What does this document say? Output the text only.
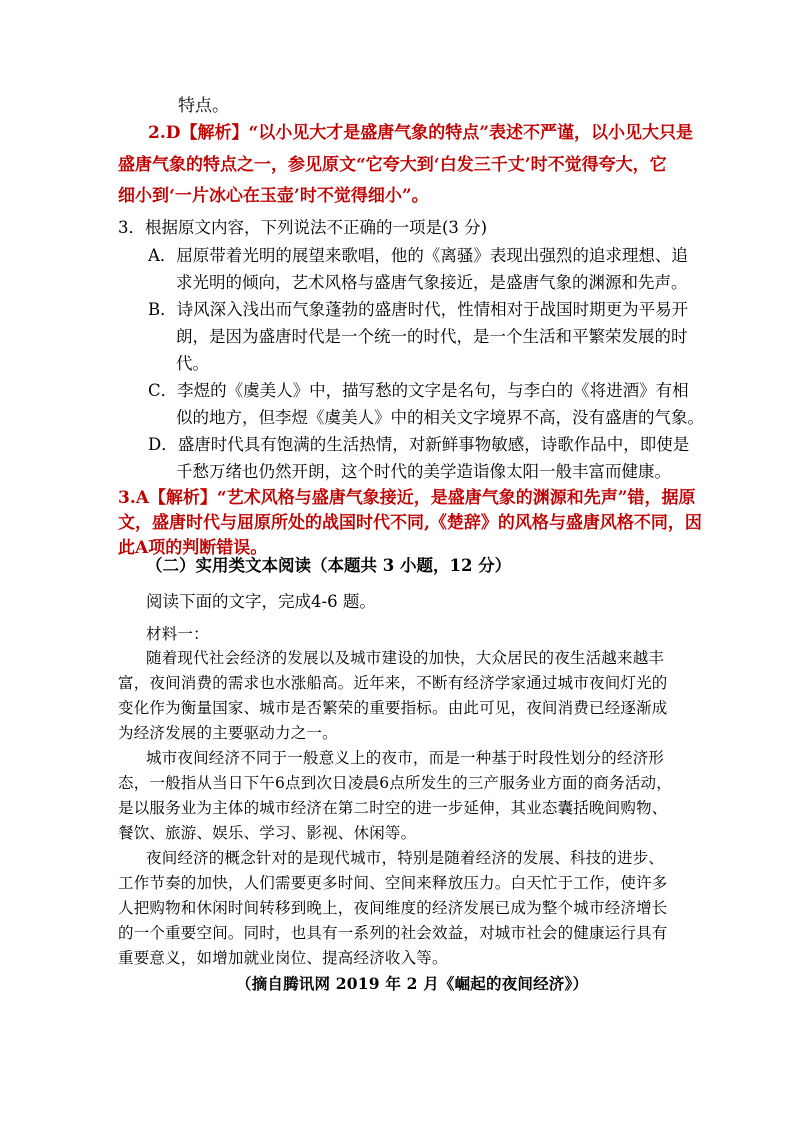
特点。
2.D【解析】“以小见大才是盛唐气象的特点”表述不严谨，以小见大只是
盛唐气象的特点之一，参见原文“它夸大到‘白发三千丈’时不觉得夸大，它
细小到‘一片冰心在玉壶’时不觉得细小”。
3．根据原文内容，下列说法不正确的一项是(3 分)
A．屈原带着光明的展望来歌唱，他的《离骚》表现出强烈的追求理想、追
求光明的倾向，艺术风格与盛唐气象接近，是盛唐气象的渊源和先声。
B．诗风深入浅出而气象蓬勃的盛唐时代，性情相对于战国时期更为平易开
朗，是因为盛唐时代是一个统一的时代，是一个生活和平繁荣发展的时
代。
C．李煜的《虞美人》中，描写愁的文字是名句，与李白的《将进酒》有相
似的地方，但李煜《虞美人》中的相关文字境界不高，没有盛唐的气象。
D．盛唐时代具有饱满的生活热情，对新鲜事物敏感，诗歌作品中，即使是
千愁万绪也仍然开朗，这个时代的美学造诣像太阳一般丰富而健康。
3.A【解析】“艺术风格与盛唐气象接近，是盛唐气象的渊源和先声”错，据原
文，盛唐时代与屈原所处的战国时代不同,《楚辞》的风格与盛唐风格不同，因
此A项的判断错误。
（二）实用类文本阅读（本题共 3 小题，12 分）
阅读下面的文字，完成4-6 题。
材料一：
随着现代社会经济的发展以及城市建设的加快，大众居民的夜生活越来越丰
富，夜间消费的需求也水涨船高。近年来，不断有经济学家通过城市夜间灯光的
变化作为衡量国家、城市是否繁荣的重要指标。由此可见，夜间消费已经逐渐成
为经济发展的主要驱动力之一。
城市夜间经济不同于一般意义上的夜市，而是一种基于时段性划分的经济形
态，一般指从当日下午6点到次日凌晨6点所发生的三产服务业方面的商务活动，
是以服务业为主体的城市经济在第二时空的进一步延伸，其业态囊括晚间购物、
餐饮、旅游、娱乐、学习、影视、休闲等。
夜间经济的概念针对的是现代城市，特别是随着经济的发展、科技的进步、
工作节奏的加快，人们需要更多时间、空间来释放压力。白天忙于工作，使许多
人把购物和休闲时间转移到晚上，夜间维度的经济发展已成为整个城市经济增长
的一个重要空间。同时，也具有一系列的社会效益，对城市社会的健康运行具有
重要意义，如增加就业岗位、提高经济收入等。
（摘自腾讯网 2019 年 2 月《崛起的夜间经济》）
